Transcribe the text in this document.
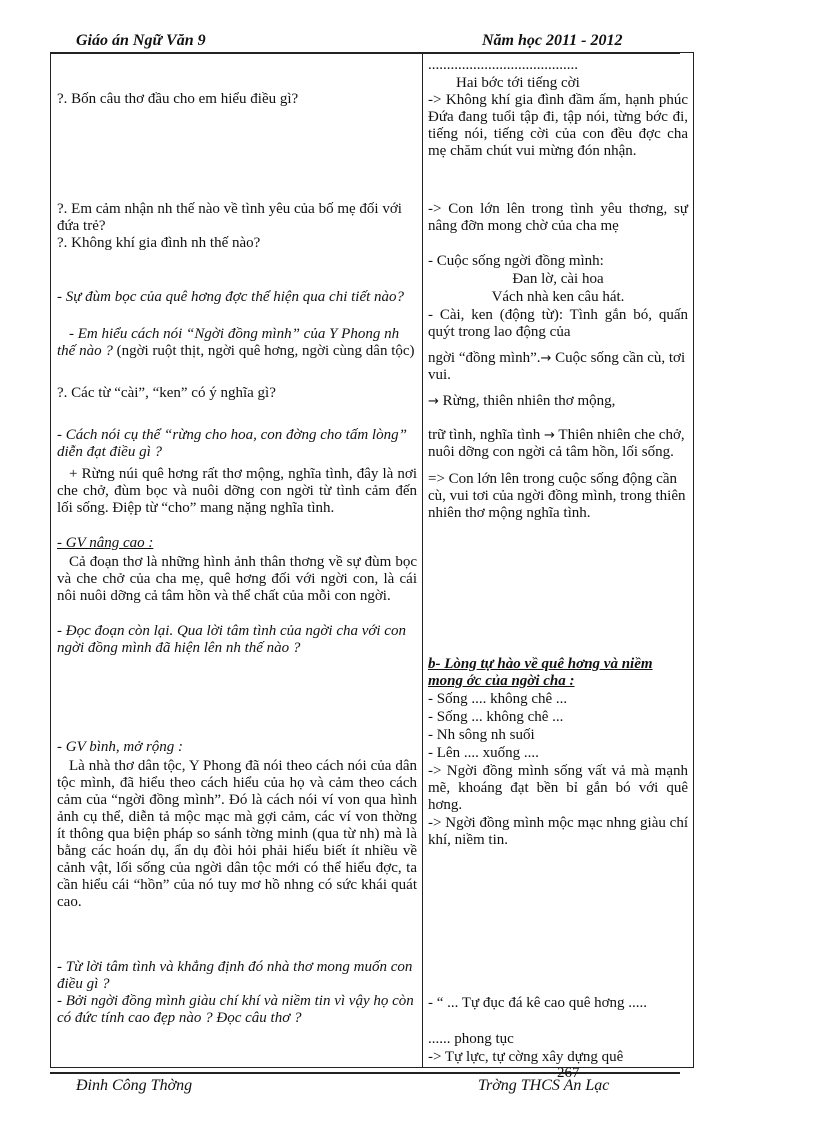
Giáo án Ngữ Văn 9	Năm học 2011 - 2012
?. Bốn câu thơ đầu cho em hiểu điều gì?
?. Em cảm nhận nh thế nào về tình yêu của bố mẹ đối với đứa trẻ?
?. Không khí gia đình nh thế nào?
- Sự đùm bọc của quê hơng đợc thể hiện qua chi tiết nào?
- Em hiểu cách nói “Ngời đồng mình” của Y Phong nh thế nào ? (ngời ruột thịt, ngời quê hơng, ngời cùng dân tộc)
?. Các từ “cài”, “ken” có ý nghĩa gì?
- Cách nói cụ thể “rừng cho hoa, con đờng cho tấm lòng” diễn đạt điều gì ?
+ Rừng núi quê hơng rất thơ mộng, nghĩa tình, đây là nơi che chở, đùm bọc và nuôi dỡng con ngời từ tình cảm đến lối sống. Điệp từ “cho” mang nặng nghĩa tình.
- GV nâng cao :
Cả đoạn thơ là những hình ảnh thân thơng về sự đùm bọc và che chở của cha mẹ, quê hơng đối với ngời con, là cái nôi nuôi dỡng cả tâm hồn và thể chất của mỗi con ngời.
- Đọc đoạn còn lại. Qua lời tâm tình của ngời cha với con ngời đồng mình đã hiện lên nh thế nào ?
- GV bình, mở rộng :
Là nhà thơ dân tộc, Y Phong đã nói theo cách nói của dân tộc mình, đã hiểu theo cách hiểu của họ và cảm theo cách cảm của “ngời đồng mình”. Đó là cách nói ví von qua hình ảnh cụ thể, diễn tả mộc mạc mà gợi cảm, các ví von thờng ít thông qua biện pháp so sánh tờng minh (qua từ nh) mà là bằng các hoán dụ, ẩn dụ đòi hỏi phải hiểu biết ít nhiều về cảnh vật, lối sống của ngời dân tộc mới có thể hiểu đợc, ta cần hiểu cái “hồn” của nó tuy mơ hồ nhng có sức khái quát cao.
- Từ lời tâm tình và khẳng định đó nhà thơ mong muốn con điều gì ?
- Bởi ngời đồng mình giàu chí khí và niềm tin vì vậy họ còn có đức tính cao đẹp nào ? Đọc câu thơ ?
........................................
Hai bớc tới tiếng cời
-> Không khí gia đình đầm ấm, hạnh phúc Đứa đang tuổi tập đi, tập nói, từng bớc đi, tiếng nói, tiếng cời của con đều đợc cha mẹ chăm chút vui mừng đón nhận.
-> Con lớn lên trong tình yêu thơng, sự nâng đỡn mong chờ của cha mẹ
- Cuộc sống ngời đồng mình:
Đan lờ, cài hoa
Vách nhà ken câu hát.
- Cài, ken (động từ): Tình gắn bó, quấn quýt trong lao động của
ngời “đồng mình”.→ Cuộc sống cần cù, tơi vui.
→ Rừng, thiên nhiên thơ mộng,
trữ tình, nghĩa tình → Thiên nhiên che chở, nuôi dỡng con ngời cả tâm hồn, lối sống.
=> Con lớn lên trong cuộc sống động cần cù, vui tơi của ngời đồng mình, trong thiên nhiên thơ mộng nghĩa tình.
b- Lòng tự hào về quê hơng và niềm mong ớc của ngời cha :
- Sống .... không chê ...
- Sống ... không chê ...
- Nh sông nh suối
- Lên .... xuống ....
-> Ngời đồng mình sống vất vả mà mạnh mẽ, khoáng đạt bền bỉ gắn bó với quê hơng.
-> Ngời đồng mình mộc mạc nhng giàu chí khí, niềm tin.
- “ ... Tự đục đá kê cao quê hơng .....
...... phong tục
-> Tự lực, tự cờng xây dựng quê
Đinh Công Thờng	Trờng THCS An Lạc
267
